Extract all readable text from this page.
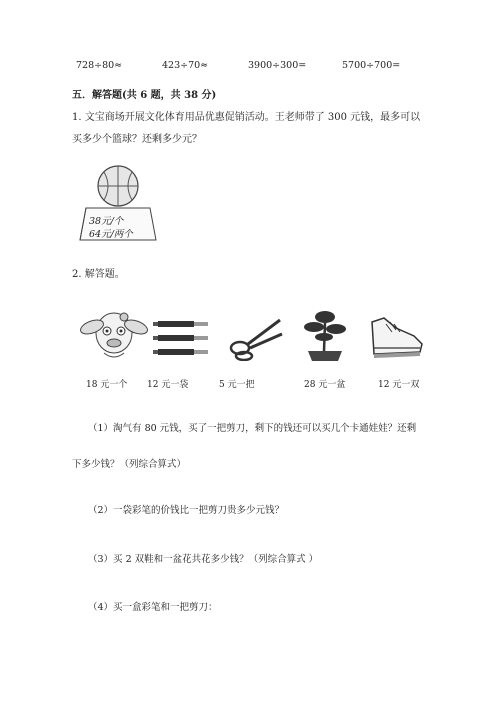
728÷80≈	423÷70≈	3900÷300=	5700÷700=
五．解答题(共 6 题，共 38 分)
1. 文宝商场开展文化体育用品优惠促销活动。王老师带了 300 元钱，最多可以
买多少个篮球？还剩多少元？
38元/个
64元/两个
2. 解答题。
18 元一个 12 元一袋	5 元一把	28 元一盆	12 元一双
（1）淘气有 80 元钱，买了一把剪刀，剩下的钱还可以买几个卡通娃娃？还剩
下多少钱？（列综合算式）
（2）一袋彩笔的价钱比一把剪刀贵多少元钱？
（3）买 2 双鞋和一盆花共花多少钱？（列综合算式 ）
（4）买一盒彩笔和一把剪刀：
